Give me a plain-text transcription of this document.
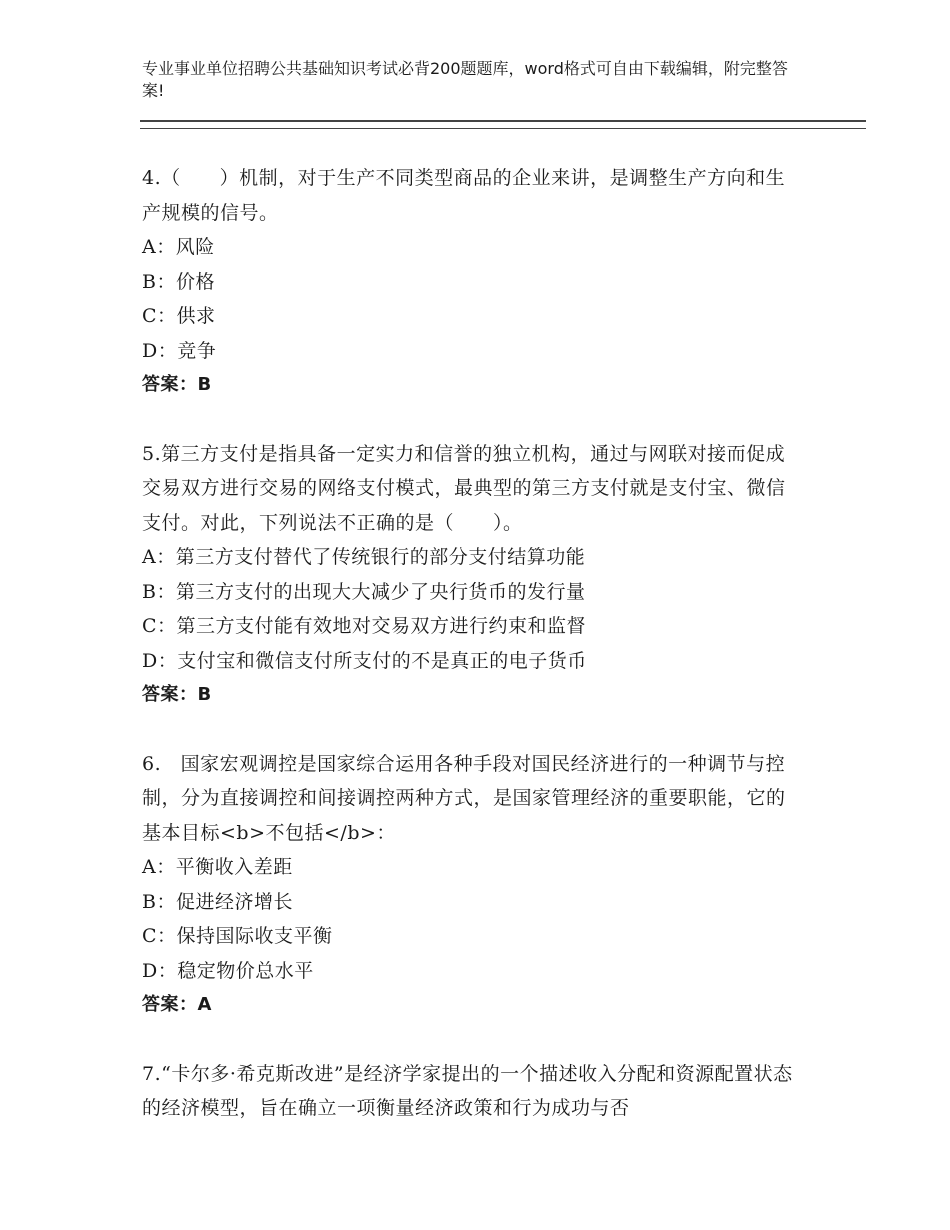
专业事业单位招聘公共基础知识考试必背200题题库，word格式可自由下载编辑，附完整答案!
4.（　　）机制，对于生产不同类型商品的企业来讲，是调整生产方向和生产规模的信号。
A：风险
B：价格
C：供求
D：竞争
答案：B
5.第三方支付是指具备一定实力和信誉的独立机构，通过与网联对接而促成交易双方进行交易的网络支付模式，最典型的第三方支付就是支付宝、微信支付。对此，下列说法不正确的是（　　）。
A：第三方支付替代了传统银行的部分支付结算功能
B：第三方支付的出现大大减少了央行货币的发行量
C：第三方支付能有效地对交易双方进行约束和监督
D：支付宝和微信支付所支付的不是真正的电子货币
答案：B
6.　国家宏观调控是国家综合运用各种手段对国民经济进行的一种调节与控制，分为直接调控和间接调控两种方式，是国家管理经济的重要职能，它的基本目标<b>不包括</b>：
A：平衡收入差距
B：促进经济增长
C：保持国际收支平衡
D：稳定物价总水平
答案：A
7.“卡尔多·希克斯改进”是经济学家提出的一个描述收入分配和资源配置状态的经济模型，旨在确立一项衡量经济政策和行为成功与否
